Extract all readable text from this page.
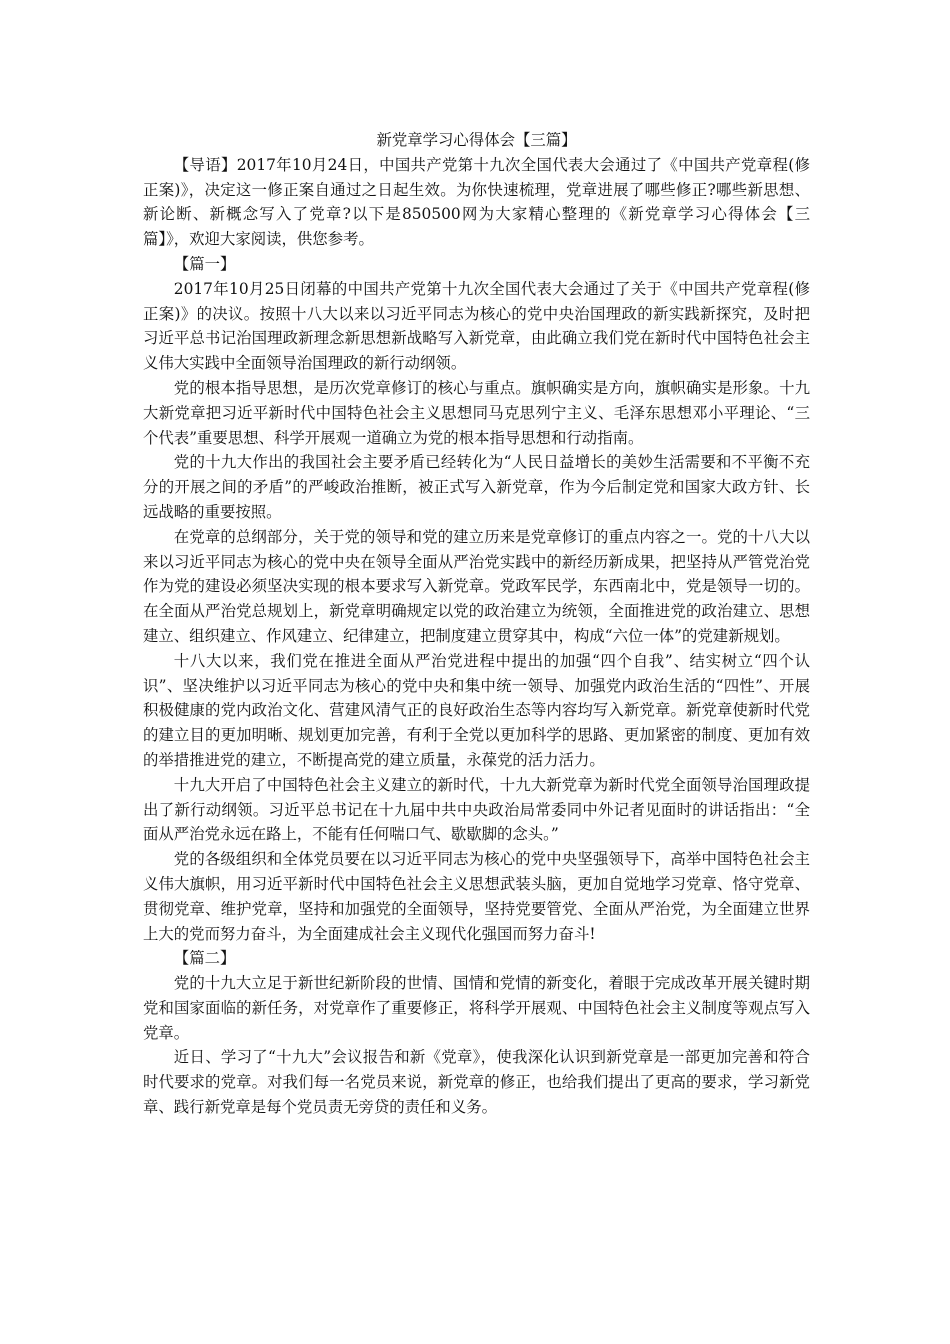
新党章学习心得体会【三篇】

【导语】2017年10月24日，中国共产党第十九次全国代表大会通过了《中国共产党章程(修正案)》，决定这一修正案自通过之日起生效。为你快速梳理，党章进展了哪些修正?哪些新思想、新论断、新概念写入了党章?以下是850500网为大家精心整理的《新党章学习心得体会【三篇】》，欢迎大家阅读，供您参考。

【篇一】

2017年10月25日闭幕的中国共产党第十九次全国代表大会通过了关于《中国共产党章程(修正案)》的决议。按照十八大以来以习近平同志为核心的党中央治国理政的新实践新探究，及时把习近平总书记治国理政新理念新思想新战略写入新党章，由此确立我们党在新时代中国特色社会主义伟大实践中全面领导治国理政的新行动纲领。

党的根本指导思想，是历次党章修订的核心与重点。旗帜确实是方向，旗帜确实是形象。十九大新党章把习近平新时代中国特色社会主义思想同马克思列宁主义、毛泽东思想邓小平理论、“三个代表”重要思想、科学开展观一道确立为党的根本指导思想和行动指南。

党的十九大作出的我国社会主要矛盾已经转化为“人民日益增长的美妙生活需要和不平衡不充分的开展之间的矛盾”的严峻政治推断，被正式写入新党章，作为今后制定党和国家大政方针、长远战略的重要按照。

在党章的总纲部分，关于党的领导和党的建立历来是党章修订的重点内容之一。党的十八大以来以习近平同志为核心的党中央在领导全面从严治党实践中的新经历新成果，把坚持从严管党治党作为党的建设必须坚决实现的根本要求写入新党章。党政军民学，东西南北中，党是领导一切的。在全面从严治党总规划上，新党章明确规定以党的政治建立为统领，全面推进党的政治建立、思想建立、组织建立、作风建立、纪律建立，把制度建立贯穿其中，构成“六位一体”的党建新规划。

十八大以来，我们党在推进全面从严治党进程中提出的加强“四个自我”、结实树立“四个认识”、坚决维护以习近平同志为核心的党中央和集中统一领导、加强党内政治生活的“四性”、开展积极健康的党内政治文化、营建风清气正的良好政治生态等内容均写入新党章。新党章使新时代党的建立目的更加明晰、规划更加完善，有利于全党以更加科学的思路、更加紧密的制度、更加有效的举措推进党的建立，不断提高党的建立质量，永葆党的活力活力。

十九大开启了中国特色社会主义建立的新时代，十九大新党章为新时代党全面领导治国理政提出了新行动纲领。习近平总书记在十九届中共中央政治局常委同中外记者见面时的讲话指出：“全面从严治党永远在路上，不能有任何喘口气、歇歇脚的念头。”

党的各级组织和全体党员要在以习近平同志为核心的党中央坚强领导下，高举中国特色社会主义伟大旗帜，用习近平新时代中国特色社会主义思想武装头脑，更加自觉地学习党章、恪守党章、贯彻党章、维护党章，坚持和加强党的全面领导，坚持党要管党、全面从严治党，为全面建立世界上大的党而努力奋斗，为全面建成社会主义现代化强国而努力奋斗!

【篇二】

党的十九大立足于新世纪新阶段的世情、国情和党情的新变化，着眼于完成改革开展关键时期党和国家面临的新任务，对党章作了重要修正，将科学开展观、中国特色社会主义制度等观点写入党章。

近日、学习了“十九大”会议报告和新《党章》，使我深化认识到新党章是一部更加完善和符合时代要求的党章。对我们每一名党员来说，新党章的修正，也给我们提出了更高的要求，学习新党章、践行新党章是每个党员责无旁贷的责任和义务。
